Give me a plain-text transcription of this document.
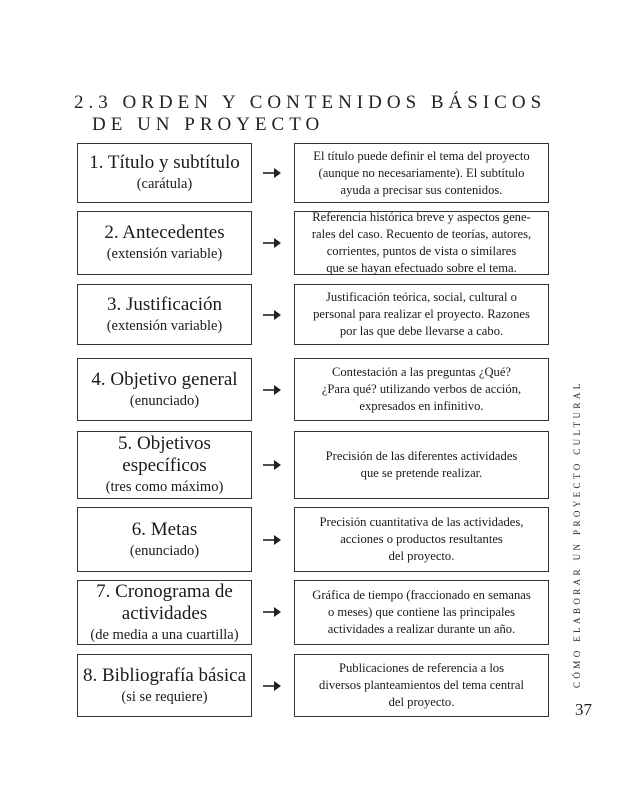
2.3 ORDEN Y CONTENIDOS BÁSICOS
DE UN PROYECTO
1. Título y subtítulo
(carátula)
El título puede definir el tema del proyecto
(aunque no necesariamente). El subtítulo
ayuda a precisar sus contenidos.
2. Antecedentes
(extensión variable)
Referencia histórica breve y aspectos gene-
rales del caso. Recuento de teorías, autores,
corrientes, puntos de vista o similares
que se hayan efectuado sobre el tema.
3. Justificación
(extensión variable)
Justificación teórica, social, cultural o
personal para realizar el proyecto. Razones
por las que debe llevarse a cabo.
4. Objetivo general
(enunciado)
Contestación a las preguntas ¿Qué?
¿Para qué? utilizando verbos de acción,
expresados en infinitivo.
5. Objetivos
específicos
(tres como máximo)
Precisión de las diferentes actividades
que se pretende realizar.
6. Metas
(enunciado)
Precisión cuantitativa de las actividades,
acciones o productos resultantes
del proyecto.
7. Cronograma de
actividades
(de media a una cuartilla)
Gráfica de tiempo (fraccionado en semanas
o meses) que contiene las principales
actividades a realizar durante un año.
8. Bibliografía básica
(si se requiere)
Publicaciones de referencia a los
diversos planteamientos del tema central
del proyecto.
CÓMO ELABORAR UN PROYECTO CULTURAL
37
